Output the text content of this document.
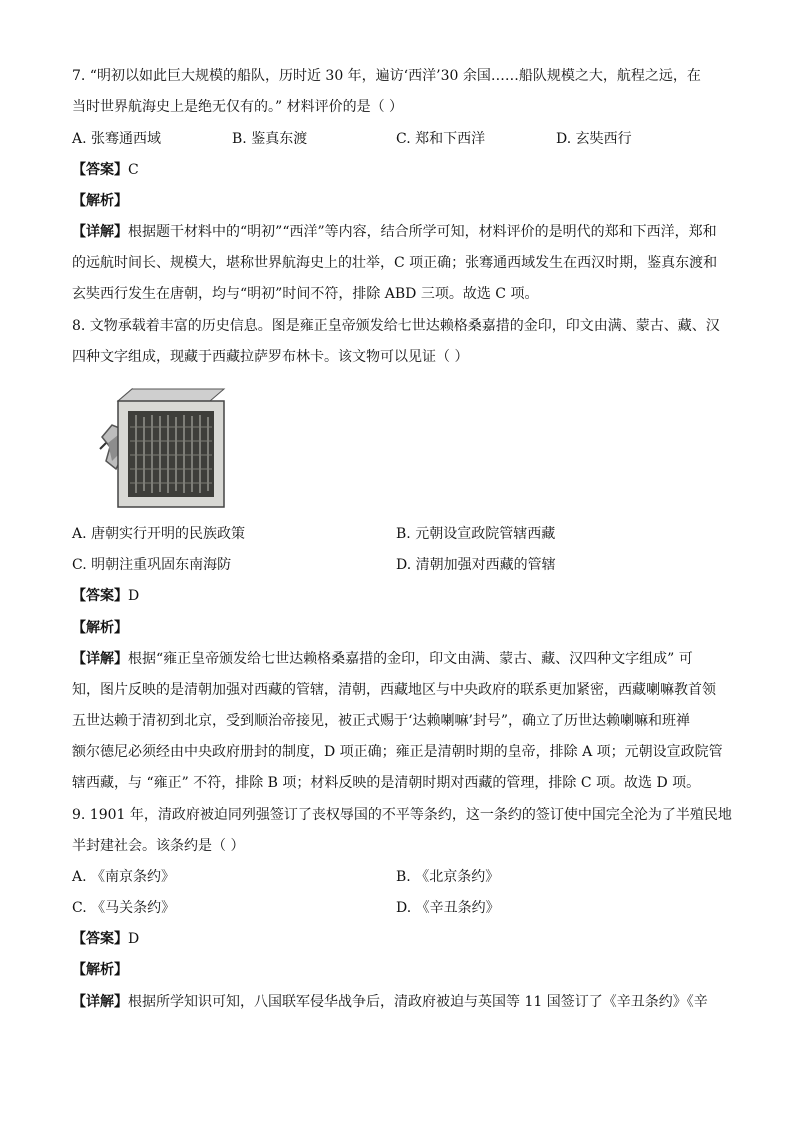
7. “明初以如此巨大规模的船队，历时近 30 年，遍访‘西洋’30 余国……船队规模之大，航程之远，在
当时世界航海史上是绝无仅有的。” 材料评价的是（ ）
A. 张骞通西域	B. 鉴真东渡	C. 郑和下西洋	D. 玄奘西行
【答案】C
【解析】
【详解】根据题干材料中的“明初”“西洋”等内容，结合所学可知，材料评价的是明代的郑和下西洋，郑和
的远航时间长、规模大，堪称世界航海史上的壮举，C 项正确；张骞通西域发生在西汉时期，鉴真东渡和
玄奘西行发生在唐朝，均与“明初”时间不符，排除 ABD 三项。故选 C 项。
8. 文物承载着丰富的历史信息。图是雍正皇帝颁发给七世达赖格桑嘉措的金印，印文由满、蒙古、藏、汉
四种文字组成，现藏于西藏拉萨罗布林卡。该文物可以见证（ ）
A. 唐朝实行开明的民族政策	B. 元朝设宣政院管辖西藏
C. 明朝注重巩固东南海防	D. 清朝加强对西藏的管辖
【答案】D
【解析】
【详解】根据“雍正皇帝颁发给七世达赖格桑嘉措的金印，印文由满、蒙古、藏、汉四种文字组成” 可
知，图片反映的是清朝加强对西藏的管辖，清朝，西藏地区与中央政府的联系更加紧密，西藏喇嘛教首领
五世达赖于清初到北京，受到顺治帝接见，被正式赐于‘达赖喇嘛’封号”，确立了历世达赖喇嘛和班禅
额尔德尼必须经由中央政府册封的制度，D 项正确；雍正是清朝时期的皇帝，排除 A 项；元朝设宣政院管
辖西藏，与 “雍正” 不符，排除 B 项；材料反映的是清朝时期对西藏的管理，排除 C 项。故选 D 项。
9. 1901 年，清政府被迫同列强签订了丧权辱国的不平等条约，这一条约的签订使中国完全沦为了半殖民地
半封建社会。该条约是（ ）
A. 《南京条约》	B. 《北京条约》
C. 《马关条约》	D. 《辛丑条约》
【答案】D
【解析】
【详解】根据所学知识可知，八国联军侵华战争后，清政府被迫与英国等 11 国签订了《辛丑条约》《辛
